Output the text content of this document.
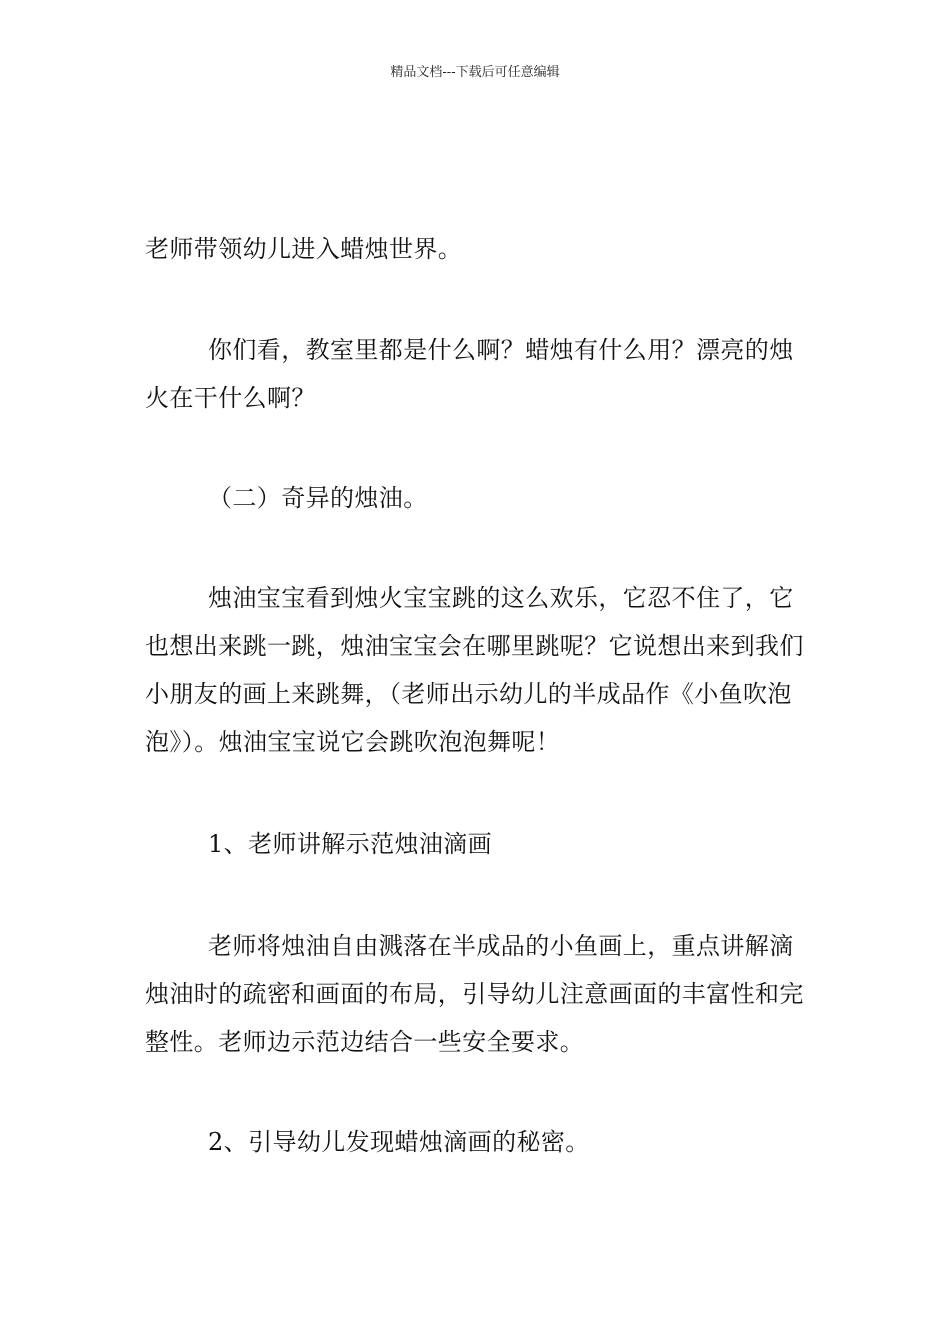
精品文档---下载后可任意编辑

老师带领幼儿进入蜡烛世界。

你们看，教室里都是什么啊？蜡烛有什么用？漂亮的烛火在干什么啊？

（二）奇异的烛油。

烛油宝宝看到烛火宝宝跳的这么欢乐，它忍不住了，它也想出来跳一跳，烛油宝宝会在哪里跳呢？它说想出来到我们小朋友的画上来跳舞，（老师出示幼儿的半成品作《小鱼吹泡泡》）。烛油宝宝说它会跳吹泡泡舞呢！

1、老师讲解示范烛油滴画

老师将烛油自由溅落在半成品的小鱼画上，重点讲解滴烛油时的疏密和画面的布局，引导幼儿注意画面的丰富性和完整性。老师边示范边结合一些安全要求。

2、引导幼儿发现蜡烛滴画的秘密。
